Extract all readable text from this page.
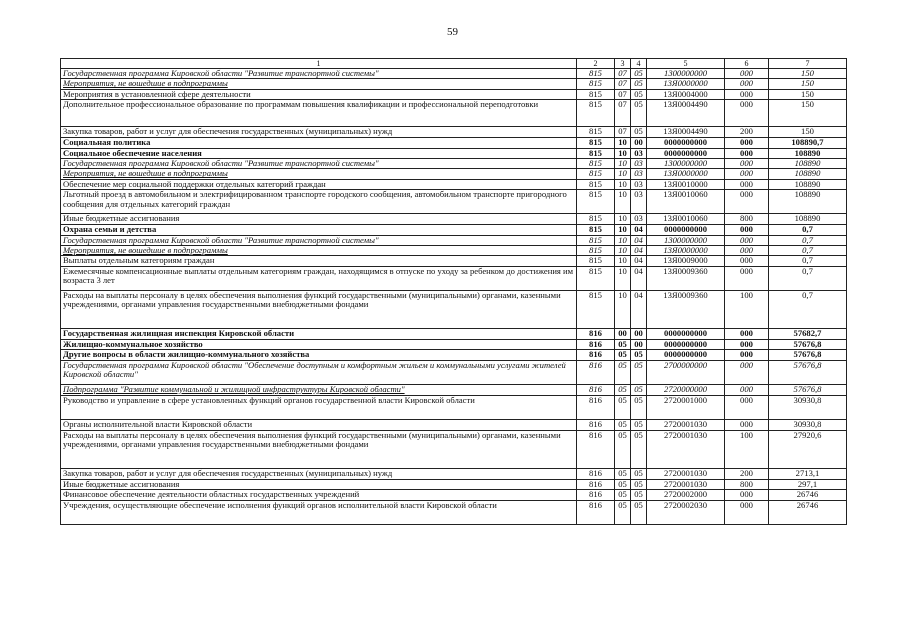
59
1	2	3	4	5	6	7
Государственная программа Кировской области "Развитие транспортной системы"	815	07	05	1300000000	000	150
Мероприятия, не вошедшие в подпрограммы	815	07	05	13Я0000000	000	150
Мероприятия в установленной сфере деятельности	815	07	05	13Я0004000	000	150
Дополнительное профессиональное образование по программам повышения квалификации и профессиональной переподготовки	815	07	05	13Я0004490	000	150
Закупка товаров, работ и услуг для обеспечения государственных (муниципальных) нужд	815	07	05	13Я0004490	200	150
Социальная политика	815	10	00	0000000000	000	108890,7
Социальное обеспечение населения	815	10	03	0000000000	000	108890
Государственная программа Кировской области "Развитие транспортной системы"	815	10	03	1300000000	000	108890
Мероприятия, не вошедшие в подпрограммы	815	10	03	13Я0000000	000	108890
Обеспечение мер социальной поддержки отдельных категорий граждан	815	10	03	13Я0010000	000	108890
Льготный проезд в автомобильном и электрифицированном транспорте городского сообщения, автомобильном транспорте пригородного сообщения для отдельных категорий граждан	815	10	03	13Я0010060	000	108890
Иные бюджетные ассигнования	815	10	03	13Я0010060	800	108890
Охрана семьи и детства	815	10	04	0000000000	000	0,7
Государственная программа Кировской области "Развитие транспортной системы"	815	10	04	1300000000	000	0,7
Мероприятия, не вошедшие в подпрограммы	815	10	04	13Я0000000	000	0,7
Выплаты отдельным категориям граждан	815	10	04	13Я0009000	000	0,7
Ежемесячные компенсационные выплаты отдельным категориям граждан, находящимся в отпуске по уходу за ребенком до достижения им возраста 3 лет	815	10	04	13Я0009360	000	0,7
Расходы на выплаты персоналу в целях обеспечения выполнения функций государственными (муниципальными) органами, казенными учреждениями, органами управления государственными внебюджетными фондами	815	10	04	13Я0009360	100	0,7
Государственная жилищная инспекция Кировской области	816	00	00	0000000000	000	57682,7
Жилищно-коммунальное хозяйство	816	05	00	0000000000	000	57676,8
Другие вопросы в области жилищно-коммунального хозяйства	816	05	05	0000000000	000	57676,8
Государственная программа Кировской области "Обеспечение доступным и комфортным жильем и коммунальными услугами жителей Кировской области"	816	05	05	2700000000	000	57676,8
Подпрограмма "Развитие коммунальной и жилищной инфраструктуры Кировской области"	816	05	05	2720000000	000	57676,8
Руководство и управление в сфере установленных функций органов государственной власти Кировской области	816	05	05	2720001000	000	30930,8
Органы исполнительной власти Кировской области	816	05	05	2720001030	000	30930,8
Расходы на выплаты персоналу в целях обеспечения выполнения функций государственными (муниципальными) органами, казенными учреждениями, органами управления государственными внебюджетными фондами	816	05	05	2720001030	100	27920,6
Закупка товаров, работ и услуг для обеспечения государственных (муниципальных) нужд	816	05	05	2720001030	200	2713,1
Иные бюджетные ассигнования	816	05	05	2720001030	800	297,1
Финансовое обеспечение деятельности областных государственных учреждений	816	05	05	2720002000	000	26746
Учреждения, осуществляющие обеспечение исполнения функций органов исполнительной власти Кировской области	816	05	05	2720002030	000	26746
